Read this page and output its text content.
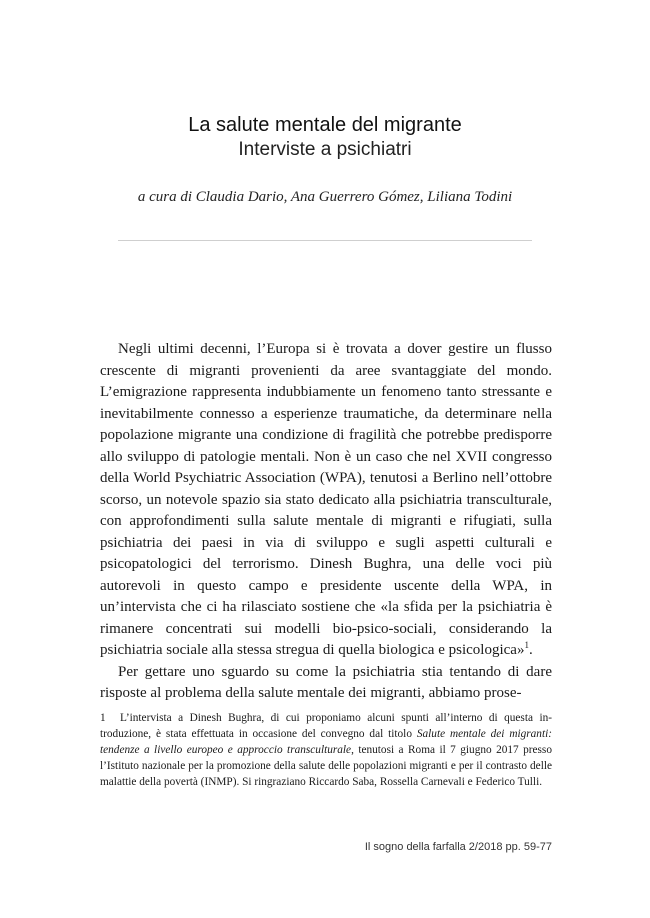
La salute mentale del migrante
Interviste a psichiatri
a cura di Claudia Dario, Ana Guerrero Gómez, Liliana Todini

Negli ultimi decenni, l’Europa si è trovata a dover gestire un flusso crescente di migranti provenienti da aree svantaggiate del mondo. L’emigrazione rappresenta indubbiamente un fenomeno tanto stressante e inevitabilmente connesso a esperienze traumatiche, da determinare nella popolazione migrante una condizione di fragilità che potrebbe predisporre allo sviluppo di patologie mentali. Non è un caso che nel XVII congresso della World Psychiatric Association (WPA), tenutosi a Berlino nell’ottobre scorso, un notevole spazio sia stato dedicato alla psichiatria transculturale, con approfondimenti sulla salute mentale di migranti e rifugiati, sulla psichiatria dei paesi in via di sviluppo e sugli aspetti culturali e psicopatologici del terrorismo. Dinesh Bughra, una delle voci più autorevoli in questo campo e presidente uscente della WPA, in un’intervista che ci ha rilasciato sostiene che «la sfida per la psichiatria è rimanere concentrati sui modelli bio-psico-sociali, considerando la psichiatria sociale alla stessa stregua di quella biologica e psicologica»$^1$.

Per gettare uno sguardo su come la psichiatria stia tentando di dare risposte al problema della salute mentale dei migranti, abbiamo prose-

1 L’intervista a Dinesh Bughra, di cui proponiamo alcuni spunti all’interno di questa introduzione, è stata effettuata in occasione del convegno dal titolo Salute mentale dei migranti: tendenze a livello europeo e approccio transculturale, tenutosi a Roma il 7 giugno 2017 presso l’Istituto nazionale per la promozione della salute delle popolazioni migranti e per il contrasto delle malattie della povertà (INMP). Si ringraziano Riccardo Saba, Rossella Carnevali e Federico Tulli.
Il sogno della farfalla 2/2018 pp. 59-77
